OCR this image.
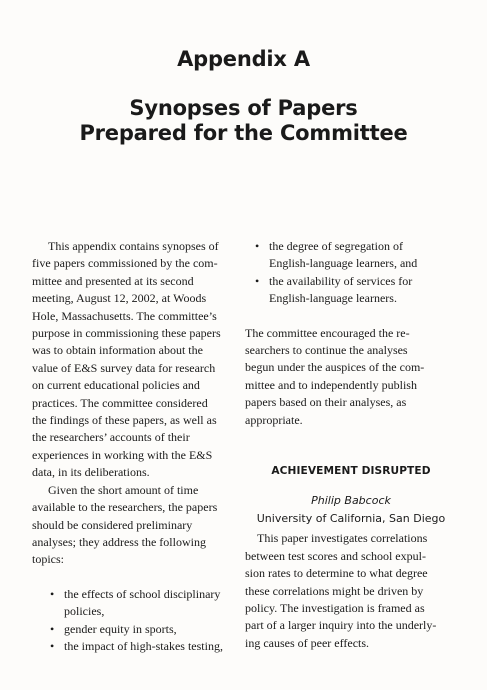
Appendix A
Synopses of Papers
Prepared for the Committee
This appendix contains synopses of
five papers commissioned by the com-
mittee and presented at its second
meeting, August 12, 2002, at Woods
Hole, Massachusetts. The committee’s
purpose in commissioning these papers
was to obtain information about the
value of E&S survey data for research
on current educational policies and
practices. The committee considered
the findings of these papers, as well as
the researchers’ accounts of their
experiences in working with the E&S
data, in its deliberations.
Given the short amount of time
available to the researchers, the papers
should be considered preliminary
analyses; they address the following
topics:
• the effects of school disciplinary
policies,
• gender equity in sports,
• the impact of high-stakes testing,
• the degree of segregation of
English-language learners, and
• the availability of services for
English-language learners.
The committee encouraged the re-
searchers to continue the analyses
begun under the auspices of the com-
mittee and to independently publish
papers based on their analyses, as
appropriate.
ACHIEVEMENT DISRUPTED
Philip Babcock
University of California, San Diego
This paper investigates correlations
between test scores and school expul-
sion rates to determine to what degree
these correlations might be driven by
policy. The investigation is framed as
part of a larger inquiry into the underly-
ing causes of peer effects.
